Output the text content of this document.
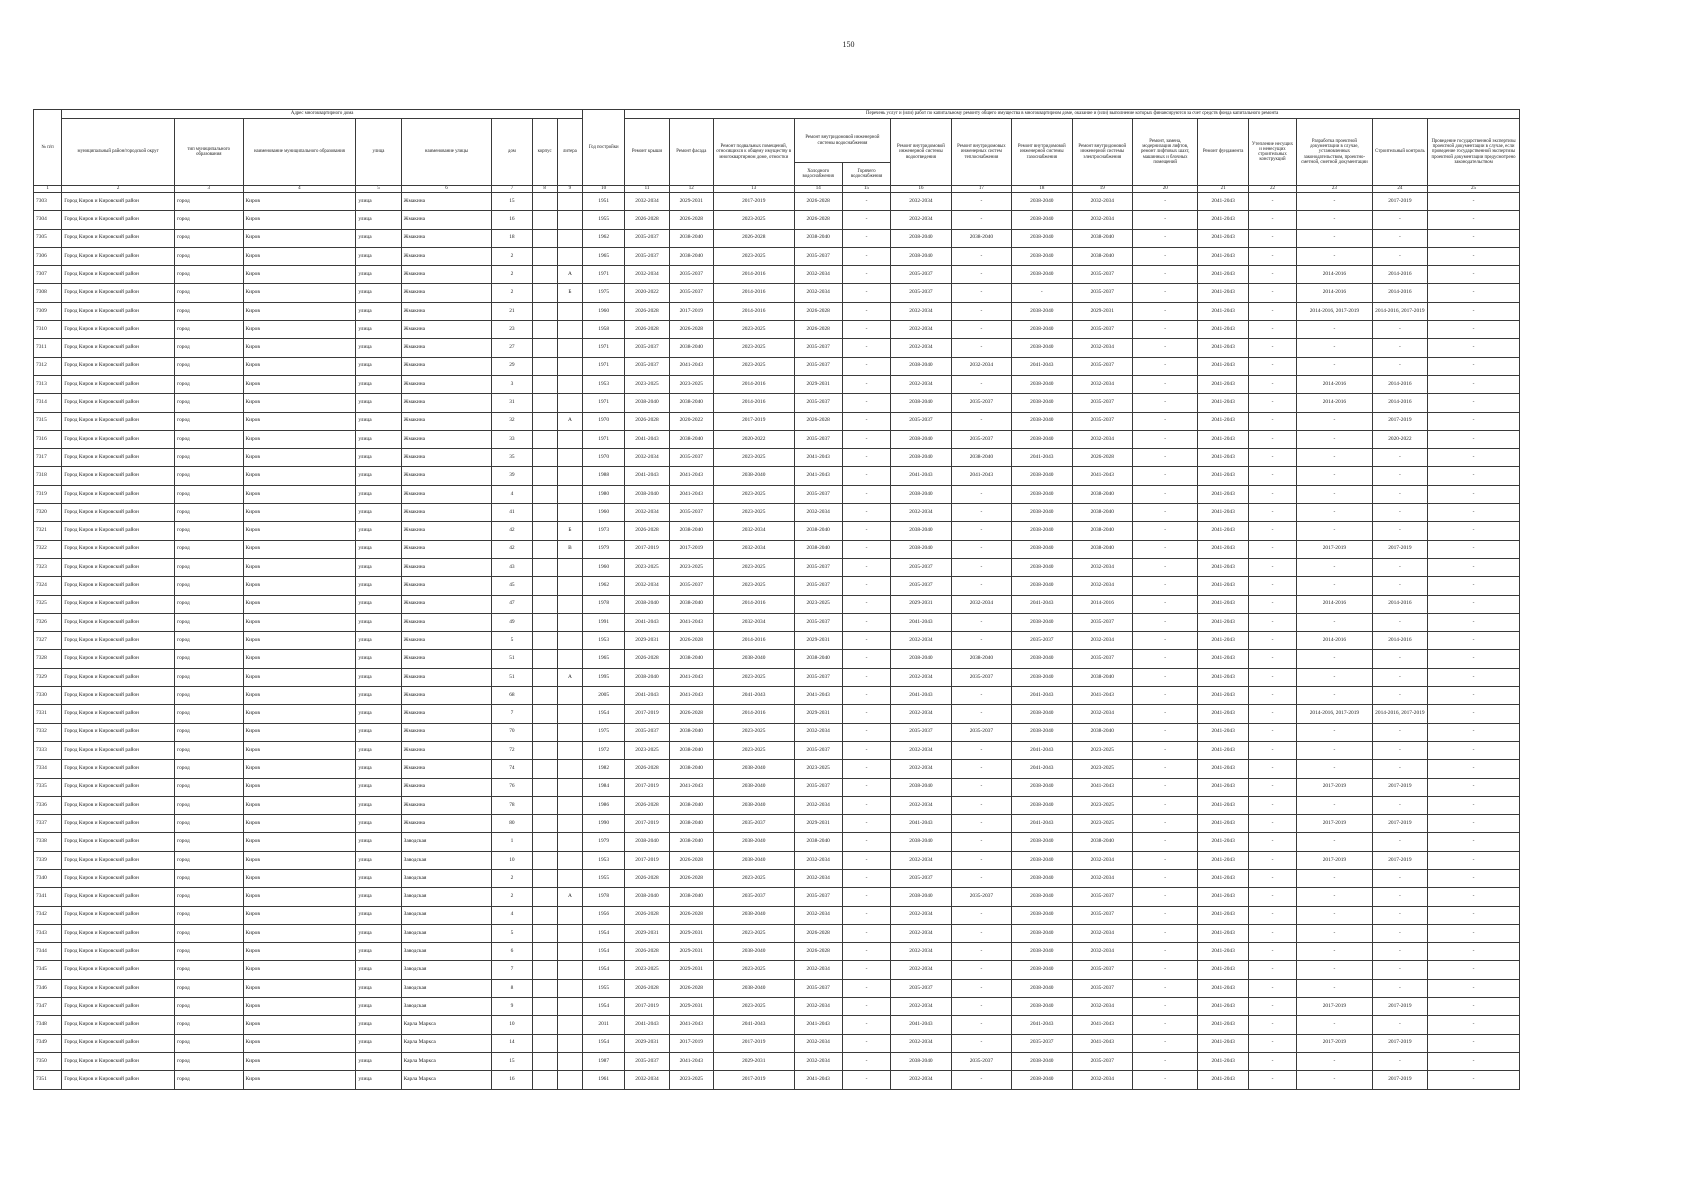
150
№ п/п	Адрес многоквартирного дома								Год постройки	Перечень услуг и (или) работ по капитальному ремонту общего имущества в многоквартирном доме, оказание и (или) выполнение которых финансируются за счет средств фонда капитального ремонта														
	муниципальный район/городской округ	тип муниципального образования	наименование муниципального образования	улица	наименование улицы	дом	корпус	литера		Ремонт крыши	Ремонт фасада	Ремонт подвальных помещений, относящихся к общему имуществу в многоквартирном доме, отмостки	Ремонт внутридомовой инженерной системы водоснабжения		Ремонт внутридомовой инженерной системы водоотведения	Ремонт внутридомовых инженерных систем теплоснабжения	Ремонт внутридомовой инженерной системы газоснабжения	Ремонт внутридомовой инженерной системы электроснабжения	Ремонт, замена, модернизация лифтов, ремонт лифтовых шахт, машинных и блочных помещений	Ремонт фундамента	Утепление несущих и ненесущих строительных конструкций	Разработка проектной документации в случае, установленных законодательством, проектно-сметной, сметной документации	Строительный контроль	Проведение государственной экспертизы проектной документации в случае, если проведение государственной экспертизы проектной документации предусмотрено законодательством
													Холодного водоснабжения	Горячего водоснабжения										
1	2	3	4	5	6	7	8	9	10	11	12	13	14	15	16	17	18	19	20	21	22	23	24	25
7303	Город Киров и Кировский район	город	Киров	улица	Жмакина	15			1951	2032-2034	2029-2031	2017-2019	2026-2028	-	2032-2034	-	2038-2040	2032-2034	-	2041-2043	-	-	2017-2019	-
7304	Город Киров и Кировский район	город	Киров	улица	Жмакина	16			1955	2026-2028	2026-2028	2023-2025	2026-2028	-	2032-2034	-	2038-2040	2032-2034	-	2041-2043	-	-	-	-
7305	Город Киров и Кировский район	город	Киров	улица	Жмакина	18			1962	2035-2037	2038-2040	2026-2028	2038-2040	-	2038-2040	2038-2040	2038-2040	2038-2040	-	2041-2043	-	-	-	-
7306	Город Киров и Кировский район	город	Киров	улица	Жмакина	2			1965	2035-2037	2038-2040	2023-2025	2035-2037	-	2038-2040	-	2038-2040	2038-2040	-	2041-2043	-	-	-	-
7307	Город Киров и Кировский район	город	Киров	улица	Жмакина	2		А	1971	2032-2034	2035-2037	2014-2016	2032-2034	-	2035-2037	-	2038-2040	2035-2037	-	2041-2043	-	2014-2016	2014-2016	-
7308	Город Киров и Кировский район	город	Киров	улица	Жмакина	2		Б	1975	2020-2022	2035-2037	2014-2016	2032-2034	-	2035-2037	-	-	2035-2037	-	2041-2043	-	2014-2016	2014-2016	-
7309	Город Киров и Кировский район	город	Киров	улица	Жмакина	21			1960	2026-2028	2017-2019	2014-2016	2026-2028	-	2032-2034	-	2038-2040	2029-2031	-	2041-2043	-	2014-2016, 2017-2019	2014-2016, 2017-2019	-
7310	Город Киров и Кировский район	город	Киров	улица	Жмакина	23			1958	2026-2028	2026-2028	2023-2025	2026-2028	-	2032-2034	-	2038-2040	2035-2037	-	2041-2043	-	-	-	-
7311	Город Киров и Кировский район	город	Киров	улица	Жмакина	27			1971	2035-2037	2038-2040	2023-2025	2035-2037	-	2032-2034	-	2038-2040	2032-2034	-	2041-2043	-	-	-	-
7312	Город Киров и Кировский район	город	Киров	улица	Жмакина	29			1971	2035-2037	2041-2043	2023-2025	2035-2037	-	2038-2040	2032-2034	2041-2043	2035-2037	-	2041-2043	-	-	-	-
7313	Город Киров и Кировский район	город	Киров	улица	Жмакина	3			1953	2023-2025	2023-2025	2014-2016	2029-2031	-	2032-2034	-	2038-2040	2032-2034	-	2041-2043	-	2014-2016	2014-2016	-
7314	Город Киров и Кировский район	город	Киров	улица	Жмакина	31			1971	2038-2040	2038-2040	2014-2016	2035-2037	-	2038-2040	2035-2037	2038-2040	2035-2037	-	2041-2043	-	2014-2016	2014-2016	-
7315	Город Киров и Кировский район	город	Киров	улица	Жмакина	32		А	1970	2026-2028	2020-2022	2017-2019	2026-2028	-	2035-2037	-	2038-2040	2035-2037	-	2041-2043	-	-	2017-2019	-
7316	Город Киров и Кировский район	город	Киров	улица	Жмакина	33			1971	2041-2043	2038-2040	2020-2022	2035-2037	-	2038-2040	2035-2037	2038-2040	2032-2034	-	2041-2043	-	-	2020-2022	-
7317	Город Киров и Кировский район	город	Киров	улица	Жмакина	35			1970	2032-2034	2035-2037	2023-2025	2041-2043	-	2038-2040	2038-2040	2041-2043	2026-2028	-	2041-2043	-	-	-	-
7318	Город Киров и Кировский район	город	Киров	улица	Жмакина	39			1988	2041-2043	2041-2043	2038-2040	2041-2043	-	2041-2043	2041-2043	2038-2040	2041-2043	-	2041-2043	-	-	-	-
7319	Город Киров и Кировский район	город	Киров	улица	Жмакина	4			1980	2038-2040	2041-2043	2023-2025	2035-2037	-	2038-2040	-	2038-2040	2038-2040	-	2041-2043	-	-	-	-
7320	Город Киров и Кировский район	город	Киров	улица	Жмакина	41			1960	2032-2034	2035-2037	2023-2025	2032-2034	-	2032-2034	-	2038-2040	2038-2040	-	2041-2043	-	-	-	-
7321	Город Киров и Кировский район	город	Киров	улица	Жмакина	42		Б	1973	2026-2028	2038-2040	2032-2034	2038-2040	-	2038-2040	-	2038-2040	2038-2040	-	2041-2043	-	-	-	-
7322	Город Киров и Кировский район	город	Киров	улица	Жмакина	42		В	1979	2017-2019	2017-2019	2032-2034	2038-2040	-	2038-2040	-	2038-2040	2038-2040	-	2041-2043	-	2017-2019	2017-2019	-
7323	Город Киров и Кировский район	город	Киров	улица	Жмакина	43			1960	2023-2025	2023-2025	2023-2025	2035-2037	-	2035-2037	-	2038-2040	2032-2034	-	2041-2043	-	-	-	-
7324	Город Киров и Кировский район	город	Киров	улица	Жмакина	45			1962	2032-2034	2035-2037	2023-2025	2035-2037	-	2035-2037	-	2038-2040	2032-2034	-	2041-2043	-	-	-	-
7325	Город Киров и Кировский район	город	Киров	улица	Жмакина	47			1978	2038-2040	2038-2040	2014-2016	2023-2025	-	2029-2031	2032-2034	2041-2043	2014-2016	-	2041-2043	-	2014-2016	2014-2016	-
7326	Город Киров и Кировский район	город	Киров	улица	Жмакина	49			1991	2041-2043	2041-2043	2032-2034	2035-2037	-	2041-2043	-	2038-2040	2035-2037	-	2041-2043	-	-	-	-
7327	Город Киров и Кировский район	город	Киров	улица	Жмакина	5			1953	2029-2031	2026-2028	2014-2016	2029-2031	-	2032-2034	-	2035-2037	2032-2034	-	2041-2043	-	2014-2016	2014-2016	-
7328	Город Киров и Кировский район	город	Киров	улица	Жмакина	51			1965	2026-2028	2038-2040	2038-2040	2038-2040	-	2038-2040	2038-2040	2038-2040	2035-2037	-	2041-2043	-	-	-	-
7329	Город Киров и Кировский район	город	Киров	улица	Жмакина	51		А	1995	2038-2040	2041-2043	2023-2025	2035-2037	-	2032-2034	2035-2037	2038-2040	2038-2040	-	2041-2043	-	-	-	-
7330	Город Киров и Кировский район	город	Киров	улица	Жмакина	68			2005	2041-2043	2041-2043	2041-2043	2041-2043	-	2041-2043	-	2041-2043	2041-2043	-	2041-2043	-	-	-	-
7331	Город Киров и Кировский район	город	Киров	улица	Жмакина	7			1954	2017-2019	2026-2028	2014-2016	2029-2031	-	2032-2034	-	2038-2040	2032-2034	-	2041-2043	-	2014-2016, 2017-2019	2014-2016, 2017-2019	-
7332	Город Киров и Кировский район	город	Киров	улица	Жмакина	70			1975	2035-2037	2038-2040	2023-2025	2032-2034	-	2035-2037	2035-2037	2038-2040	2038-2040	-	2041-2043	-	-	-	-
7333	Город Киров и Кировский район	город	Киров	улица	Жмакина	72			1972	2023-2025	2038-2040	2023-2025	2035-2037	-	2032-2034	-	2041-2043	2023-2025	-	2041-2043	-	-	-	-
7334	Город Киров и Кировский район	город	Киров	улица	Жмакина	74			1982	2026-2028	2038-2040	2038-2040	2023-2025	-	2032-2034	-	2041-2043	2023-2025	-	2041-2043	-	-	-	-
7335	Город Киров и Кировский район	город	Киров	улица	Жмакина	76			1984	2017-2019	2041-2043	2038-2040	2035-2037	-	2038-2040	-	2038-2040	2041-2043	-	2041-2043	-	2017-2019	2017-2019	-
7336	Город Киров и Кировский район	город	Киров	улица	Жмакина	78			1986	2026-2028	2038-2040	2038-2040	2032-2034	-	2032-2034	-	2038-2040	2023-2025	-	2041-2043	-	-	-	-
7337	Город Киров и Кировский район	город	Киров	улица	Жмакина	80			1990	2017-2019	2038-2040	2035-2037	2029-2031	-	2041-2043	-	2041-2043	2023-2025	-	2041-2043	-	2017-2019	2017-2019	-
7338	Город Киров и Кировский район	город	Киров	улица	Заводская	1			1979	2038-2040	2038-2040	2038-2040	2038-2040	-	2038-2040	-	2038-2040	2038-2040	-	2041-2043	-	-	-	-
7339	Город Киров и Кировский район	город	Киров	улица	Заводская	10			1953	2017-2019	2026-2028	2038-2040	2032-2034	-	2032-2034	-	2038-2040	2032-2034	-	2041-2043	-	2017-2019	2017-2019	-
7340	Город Киров и Кировский район	город	Киров	улица	Заводская	2			1955	2026-2028	2026-2028	2023-2025	2032-2034	-	2035-2037	-	2038-2040	2032-2034	-	2041-2043	-	-	-	-
7341	Город Киров и Кировский район	город	Киров	улица	Заводская	2		А	1978	2038-2040	2038-2040	2035-2037	2035-2037	-	2038-2040	2035-2037	2038-2040	2035-2037	-	2041-2043	-	-	-	-
7342	Город Киров и Кировский район	город	Киров	улица	Заводская	4			1956	2026-2028	2026-2028	2038-2040	2032-2034	-	2032-2034	-	2038-2040	2035-2037	-	2041-2043	-	-	-	-
7343	Город Киров и Кировский район	город	Киров	улица	Заводская	5			1954	2029-2031	2029-2031	2023-2025	2026-2028	-	2032-2034	-	2038-2040	2032-2034	-	2041-2043	-	-	-	-
7344	Город Киров и Кировский район	город	Киров	улица	Заводская	6			1954	2026-2028	2029-2031	2038-2040	2026-2028	-	2032-2034	-	2038-2040	2032-2034	-	2041-2043	-	-	-	-
7345	Город Киров и Кировский район	город	Киров	улица	Заводская	7			1954	2023-2025	2029-2031	2023-2025	2032-2034	-	2032-2034	-	2038-2040	2035-2037	-	2041-2043	-	-	-	-
7346	Город Киров и Кировский район	город	Киров	улица	Заводская	8			1955	2026-2028	2026-2028	2038-2040	2035-2037	-	2035-2037	-	2038-2040	2035-2037	-	2041-2043	-	-	-	-
7347	Город Киров и Кировский район	город	Киров	улица	Заводская	9			1954	2017-2019	2029-2031	2023-2025	2032-2034	-	2032-2034	-	2038-2040	2032-2034	-	2041-2043	-	2017-2019	2017-2019	-
7348	Город Киров и Кировский район	город	Киров	улица	Карла Маркса	10			2011	2041-2043	2041-2043	2041-2043	2041-2043	-	2041-2043	-	2041-2043	2041-2043	-	2041-2043	-	-	-	-
7349	Город Киров и Кировский район	город	Киров	улица	Карла Маркса	14			1954	2029-2031	2017-2019	2017-2019	2032-2034	-	2032-2034	-	2035-2037	2041-2043	-	2041-2043	-	2017-2019	2017-2019	-
7350	Город Киров и Кировский район	город	Киров	улица	Карла Маркса	15			1987	2035-2037	2041-2043	2029-2031	2032-2034	-	2038-2040	2035-2037	2038-2040	2035-2037	-	2041-2043	-	-	-	-
7351	Город Киров и Кировский район	город	Киров	улица	Карла Маркса	16			1961	2032-2034	2023-2025	2017-2019	2041-2043	-	2032-2034	-	2038-2040	2032-2034	-	2041-2043	-	-	2017-2019	-
